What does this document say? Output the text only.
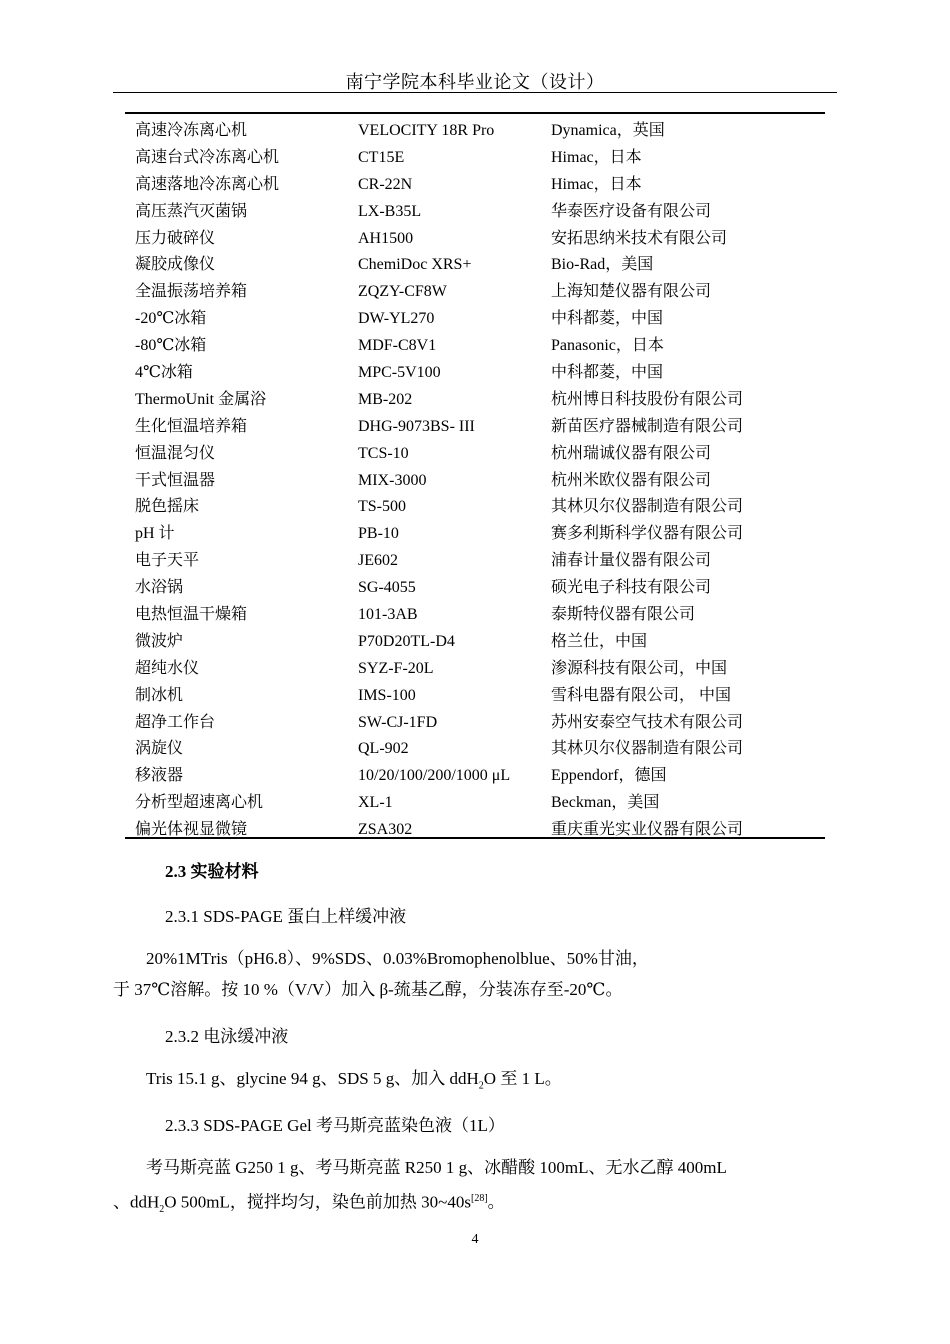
南宁学院本科毕业论文（设计）
高速冷冻离心机	VELOCITY 18R Pro	Dynamica，英国
高速台式冷冻离心机	CT15E	Himac，日本
高速落地冷冻离心机	CR-22N	Himac，日本
高压蒸汽灭菌锅	LX-B35L	华泰医疗设备有限公司
压力破碎仪	AH1500	安拓思纳米技术有限公司
凝胶成像仪	ChemiDoc XRS+	Bio-Rad，美国
全温振荡培养箱	ZQZY-CF8W	上海知楚仪器有限公司
-20℃冰箱	DW-YL270	中科都菱，中国
-80℃冰箱	MDF-C8V1	Panasonic，日本
4℃冰箱	MPC-5V100	中科都菱，中国
ThermoUnit 金属浴	MB-202	杭州博日科技股份有限公司
生化恒温培养箱	DHG-9073BS- III	新苗医疗器械制造有限公司
恒温混匀仪	TCS-10	杭州瑞诚仪器有限公司
干式恒温器	MIX-3000	杭州米欧仪器有限公司
脱色摇床	TS-500	其林贝尔仪器制造有限公司
pH 计	PB-10	赛多利斯科学仪器有限公司
电子天平	JE602	浦春计量仪器有限公司
水浴锅	SG-4055	硕光电子科技有限公司
电热恒温干燥箱	101-3AB	泰斯特仪器有限公司
微波炉	P70D20TL-D4	格兰仕，中国
超纯水仪	SYZ-F-20L	渗源科技有限公司，中国
制冰机	IMS-100	雪科电器有限公司， 中国
超净工作台	SW-CJ-1FD	苏州安泰空气技术有限公司
涡旋仪	QL-902	其林贝尔仪器制造有限公司
移液器	10/20/100/200/1000 μL	Eppendorf，德国
分析型超速离心机	XL-1	Beckman，美国
偏光体视显微镜	ZSA302	重庆重光实业仪器有限公司
2.3 实验材料
2.3.1 SDS-PAGE 蛋白上样缓冲液
20%1MTris（pH6.8）、9%SDS、0.03%Bromophenolblue、50%甘油，
于 37℃溶解。按 10 %（V/V）加入 β-巯基乙醇，分装冻存至-20℃。
2.3.2 电泳缓冲液
Tris 15.1 g、glycine 94 g、SDS 5 g、加入 ddH$_2$O 至 1 L。
2.3.3 SDS-PAGE Gel 考马斯亮蓝染色液（1L）
考马斯亮蓝 G250 1 g、考马斯亮蓝 R250 1 g、冰醋酸 100mL、无水乙醇 400mL
、ddH$_2$O 500mL，搅拌均匀，染色前加热 30~40s[28]。
4
